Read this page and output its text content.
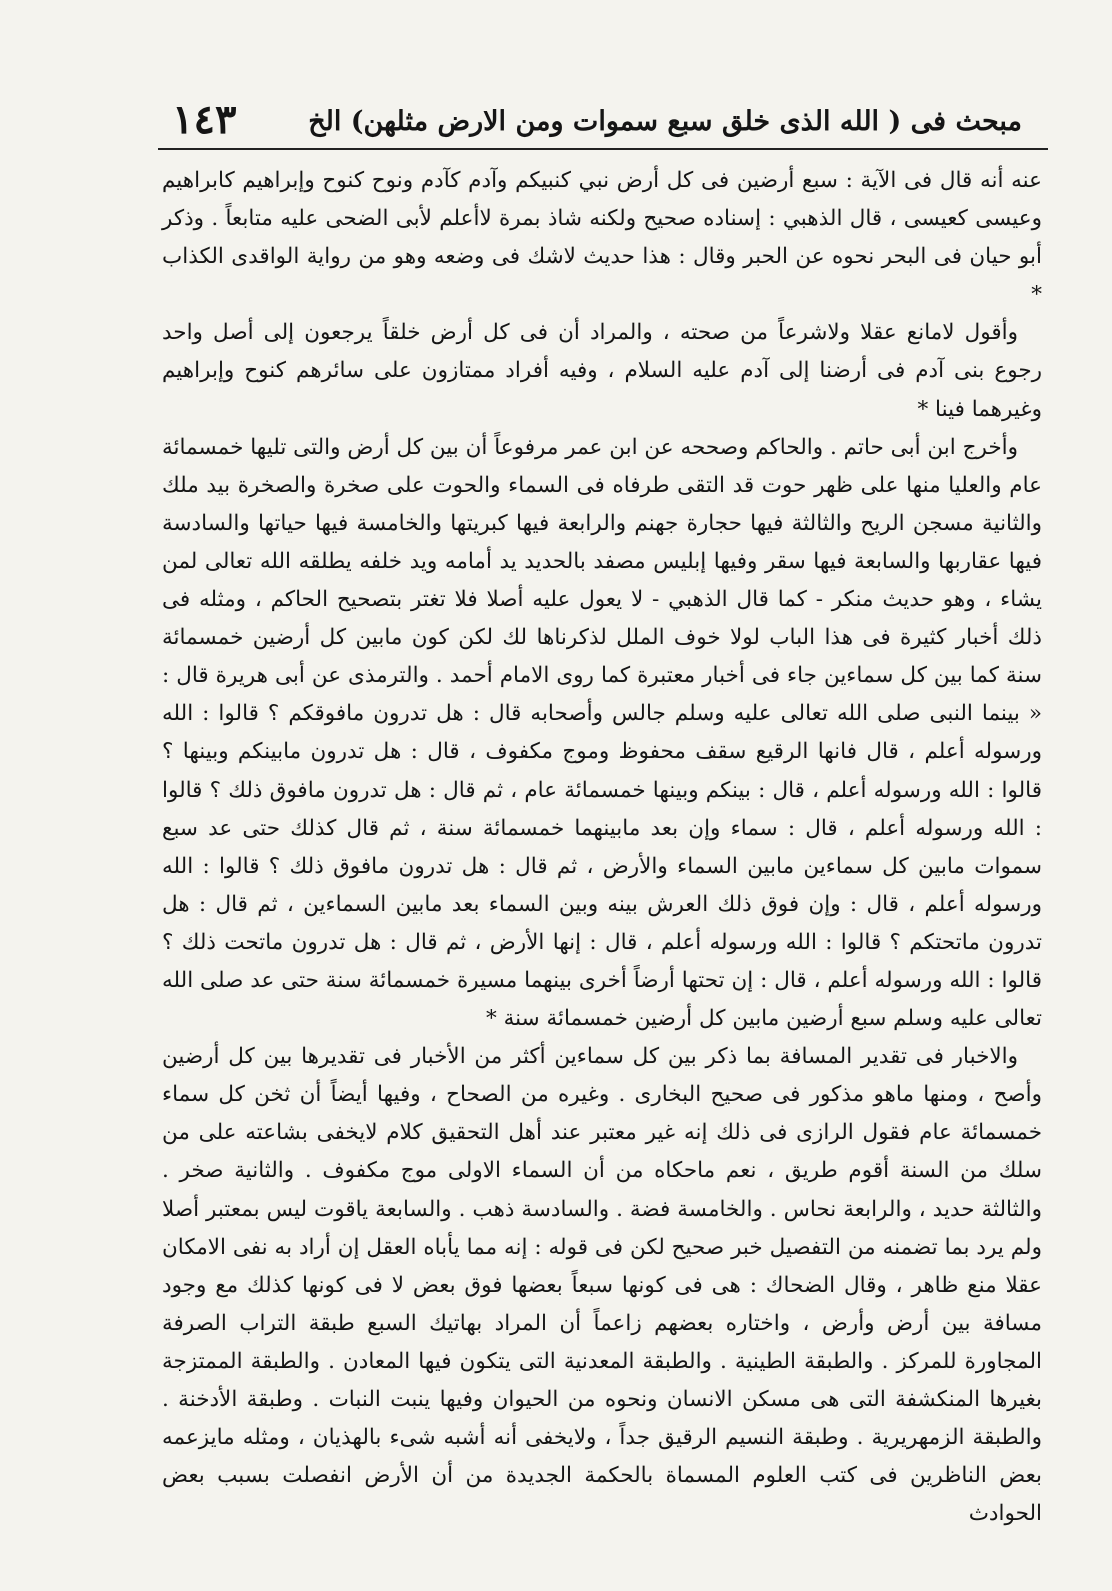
مبحث فى ( الله الذى خلق سبع سموات ومن الارض مثلهن) الخ
١٤٣

عنه أنه قال فى الآية : سبع أرضين فى كل أرض نبي كنبيكم وآدم كآدم ونوح كنوح وإبراهيم كابراهيم وعيسى كعيسى ، قال الذهبي : إسناده صحيح ولكنه شاذ بمرة لاأعلم لأبى الضحى عليه متابعاً . وذكر أبو حيان فى البحر نحوه عن الحبر وقال : هذا حديث لاشك فى وضعه وهو من رواية الواقدى الكذاب *

وأقول لامانع عقلا ولاشرعاً من صحته ، والمراد أن فى كل أرض خلقاً يرجعون إلى أصل واحد رجوع بنى آدم فى أرضنا إلى آدم عليه السلام ، وفيه أفراد ممتازون على سائرهم كنوح وإبراهيم وغيرهما فينا *

وأخرج ابن أبى حاتم . والحاكم وصححه عن ابن عمر مرفوعاً أن بين كل أرض والتى تليها خمسمائة عام والعليا منها على ظهر حوت قد التقى طرفاه فى السماء والحوت على صخرة والصخرة بيد ملك والثانية مسجن الريح والثالثة فيها حجارة جهنم والرابعة فيها كبريتها والخامسة فيها حياتها والسادسة فيها عقاربها والسابعة فيها سقر وفيها إبليس مصفد بالحديد يد أمامه ويد خلفه يطلقه الله تعالى لمن يشاء ، وهو حديث منكر - كما قال الذهبي - لا يعول عليه أصلا فلا تغتر بتصحيح الحاكم ، ومثله فى ذلك أخبار كثيرة فى هذا الباب لولا خوف الملل لذكرناها لك لكن كون مابين كل أرضين خمسمائة سنة كما بين كل سماءين جاء فى أخبار معتبرة كما روى الامام أحمد . والترمذى عن أبى هريرة قال : « بينما النبى صلى الله تعالى عليه وسلم جالس وأصحابه قال : هل تدرون مافوقكم ؟ قالوا : الله ورسوله أعلم ، قال فانها الرقيع سقف محفوظ وموج مكفوف ، قال : هل تدرون مابينكم وبينها ؟ قالوا : الله ورسوله أعلم ، قال : بينكم وبينها خمسمائة عام ، ثم قال : هل تدرون مافوق ذلك ؟ قالوا : الله ورسوله أعلم ، قال : سماء وإن بعد مابينهما خمسمائة سنة ، ثم قال كذلك حتى عد سبع سموات مابين كل سماءين مابين السماء والأرض ، ثم قال : هل تدرون مافوق ذلك ؟ قالوا : الله ورسوله أعلم ، قال : وإن فوق ذلك العرش بينه وبين السماء بعد مابين السماءين ، ثم قال : هل تدرون ماتحتكم ؟ قالوا : الله ورسوله أعلم ، قال : إنها الأرض ، ثم قال : هل تدرون ماتحت ذلك ؟ قالوا : الله ورسوله أعلم ، قال : إن تحتها أرضاً أخرى بينهما مسيرة خمسمائة سنة حتى عد صلى الله تعالى عليه وسلم سبع أرضين مابين كل أرضين خمسمائة سنة *

والاخبار فى تقدير المسافة بما ذكر بين كل سماءين أكثر من الأخبار فى تقديرها بين كل أرضين وأصح ، ومنها ماهو مذكور فى صحيح البخارى . وغيره من الصحاح ، وفيها أيضاً أن ثخن كل سماء خمسمائة عام فقول الرازى فى ذلك إنه غير معتبر عند أهل التحقيق كلام لايخفى بشاعته على من سلك من السنة أقوم طريق ، نعم ماحكاه من أن السماء الاولى موج مكفوف . والثانية صخر . والثالثة حديد ، والرابعة نحاس . والخامسة فضة . والسادسة ذهب . والسابعة ياقوت ليس بمعتبر أصلا ولم يرد بما تضمنه من التفصيل خبر صحيح لكن فى قوله : إنه مما يأباه العقل إن أراد به نفى الامكان عقلا منع ظاهر ، وقال الضحاك : هى فى كونها سبعاً بعضها فوق بعض لا فى كونها كذلك مع وجود مسافة بين أرض وأرض ، واختاره بعضهم زاعماً أن المراد بهاتيك السبع طبقة التراب الصرفة المجاورة للمركز . والطبقة الطينية . والطبقة المعدنية التى يتكون فيها المعادن . والطبقة الممتزجة بغيرها المنكشفة التى هى مسكن الانسان ونحوه من الحيوان وفيها ينبت النبات . وطبقة الأدخنة . والطبقة الزمهريرية . وطبقة النسيم الرقيق جداً ، ولايخفى أنه أشبه شىء بالهذيان ، ومثله مايزعمه بعض الناظرين فى كتب العلوم المسماة بالحكمة الجديدة من أن الأرض انفصلت بسبب بعض الحوادث
